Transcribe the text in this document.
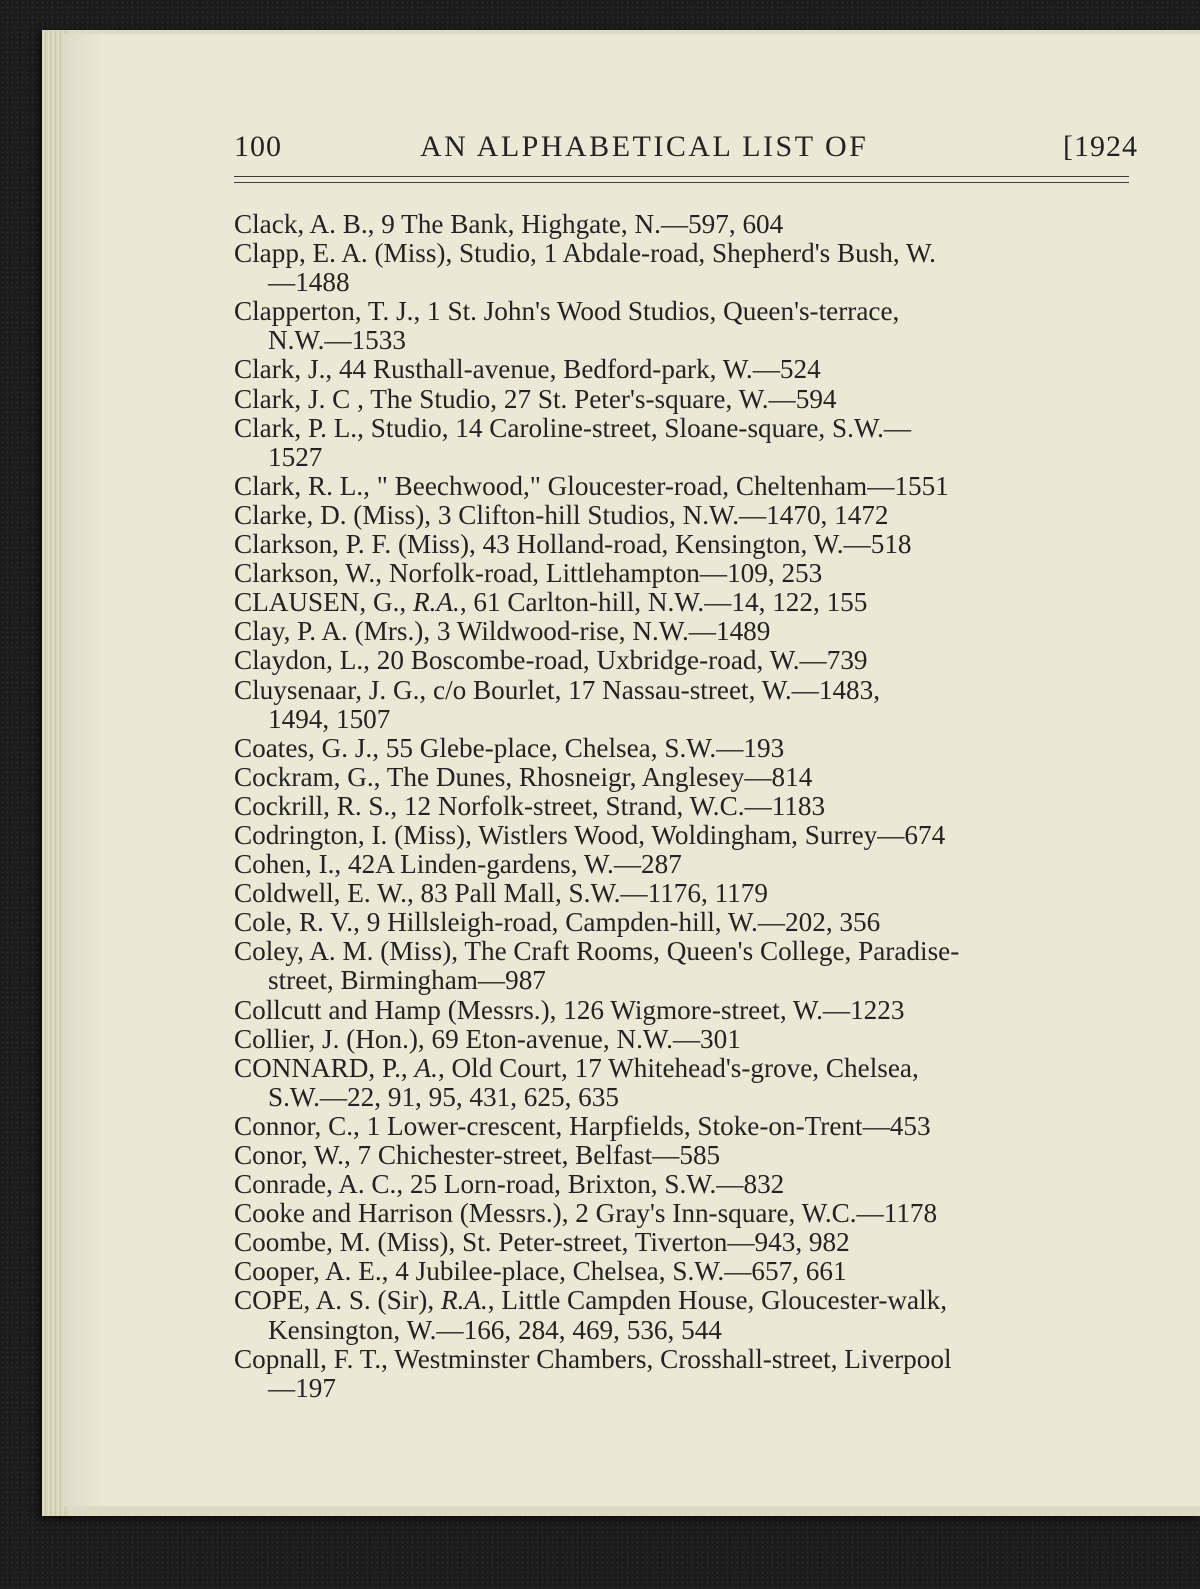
100	AN ALPHABETICAL LIST OF	[1924
Clack, A. B., 9 The Bank, Highgate, N.—597, 604
Clapp, E. A. (Miss), Studio, 1 Abdale-road, Shepherd's Bush, W.
—1488
Clapperton, T. J., 1 St. John's Wood Studios, Queen's-terrace,
N.W.—1533
Clark, J., 44 Rusthall-avenue, Bedford-park, W.—524
Clark, J. C , The Studio, 27 St. Peter's-square, W.—594
Clark, P. L., Studio, 14 Caroline-street, Sloane-square, S.W.—
1527
Clark, R. L., " Beechwood," Gloucester-road, Cheltenham—1551
Clarke, D. (Miss), 3 Clifton-hill Studios, N.W.—1470, 1472
Clarkson, P. F. (Miss), 43 Holland-road, Kensington, W.—518
Clarkson, W., Norfolk-road, Littlehampton—109, 253
CLAUSEN, G., R.A., 61 Carlton-hill, N.W.—14, 122, 155
Clay, P. A. (Mrs.), 3 Wildwood-rise, N.W.—1489
Claydon, L., 20 Boscombe-road, Uxbridge-road, W.—739
Cluysenaar, J. G., c/o Bourlet, 17 Nassau-street, W.—1483,
1494, 1507
Coates, G. J., 55 Glebe-place, Chelsea, S.W.—193
Cockram, G., The Dunes, Rhosneigr, Anglesey—814
Cockrill, R. S., 12 Norfolk-street, Strand, W.C.—1183
Codrington, I. (Miss), Wistlers Wood, Woldingham, Surrey—674
Cohen, I., 42A Linden-gardens, W.—287
Coldwell, E. W., 83 Pall Mall, S.W.—1176, 1179
Cole, R. V., 9 Hillsleigh-road, Campden-hill, W.—202, 356
Coley, A. M. (Miss), The Craft Rooms, Queen's College, Paradise-
street, Birmingham—987
Collcutt and Hamp (Messrs.), 126 Wigmore-street, W.—1223
Collier, J. (Hon.), 69 Eton-avenue, N.W.—301
CONNARD, P., A., Old Court, 17 Whitehead's-grove, Chelsea,
S.W.—22, 91, 95, 431, 625, 635
Connor, C., 1 Lower-crescent, Harpfields, Stoke-on-Trent—453
Conor, W., 7 Chichester-street, Belfast—585
Conrade, A. C., 25 Lorn-road, Brixton, S.W.—832
Cooke and Harrison (Messrs.), 2 Gray's Inn-square, W.C.—1178
Coombe, M. (Miss), St. Peter-street, Tiverton—943, 982
Cooper, A. E., 4 Jubilee-place, Chelsea, S.W.—657, 661
COPE, A. S. (Sir), R.A., Little Campden House, Gloucester-walk,
Kensington, W.—166, 284, 469, 536, 544
Copnall, F. T., Westminster Chambers, Crosshall-street, Liverpool
—197
